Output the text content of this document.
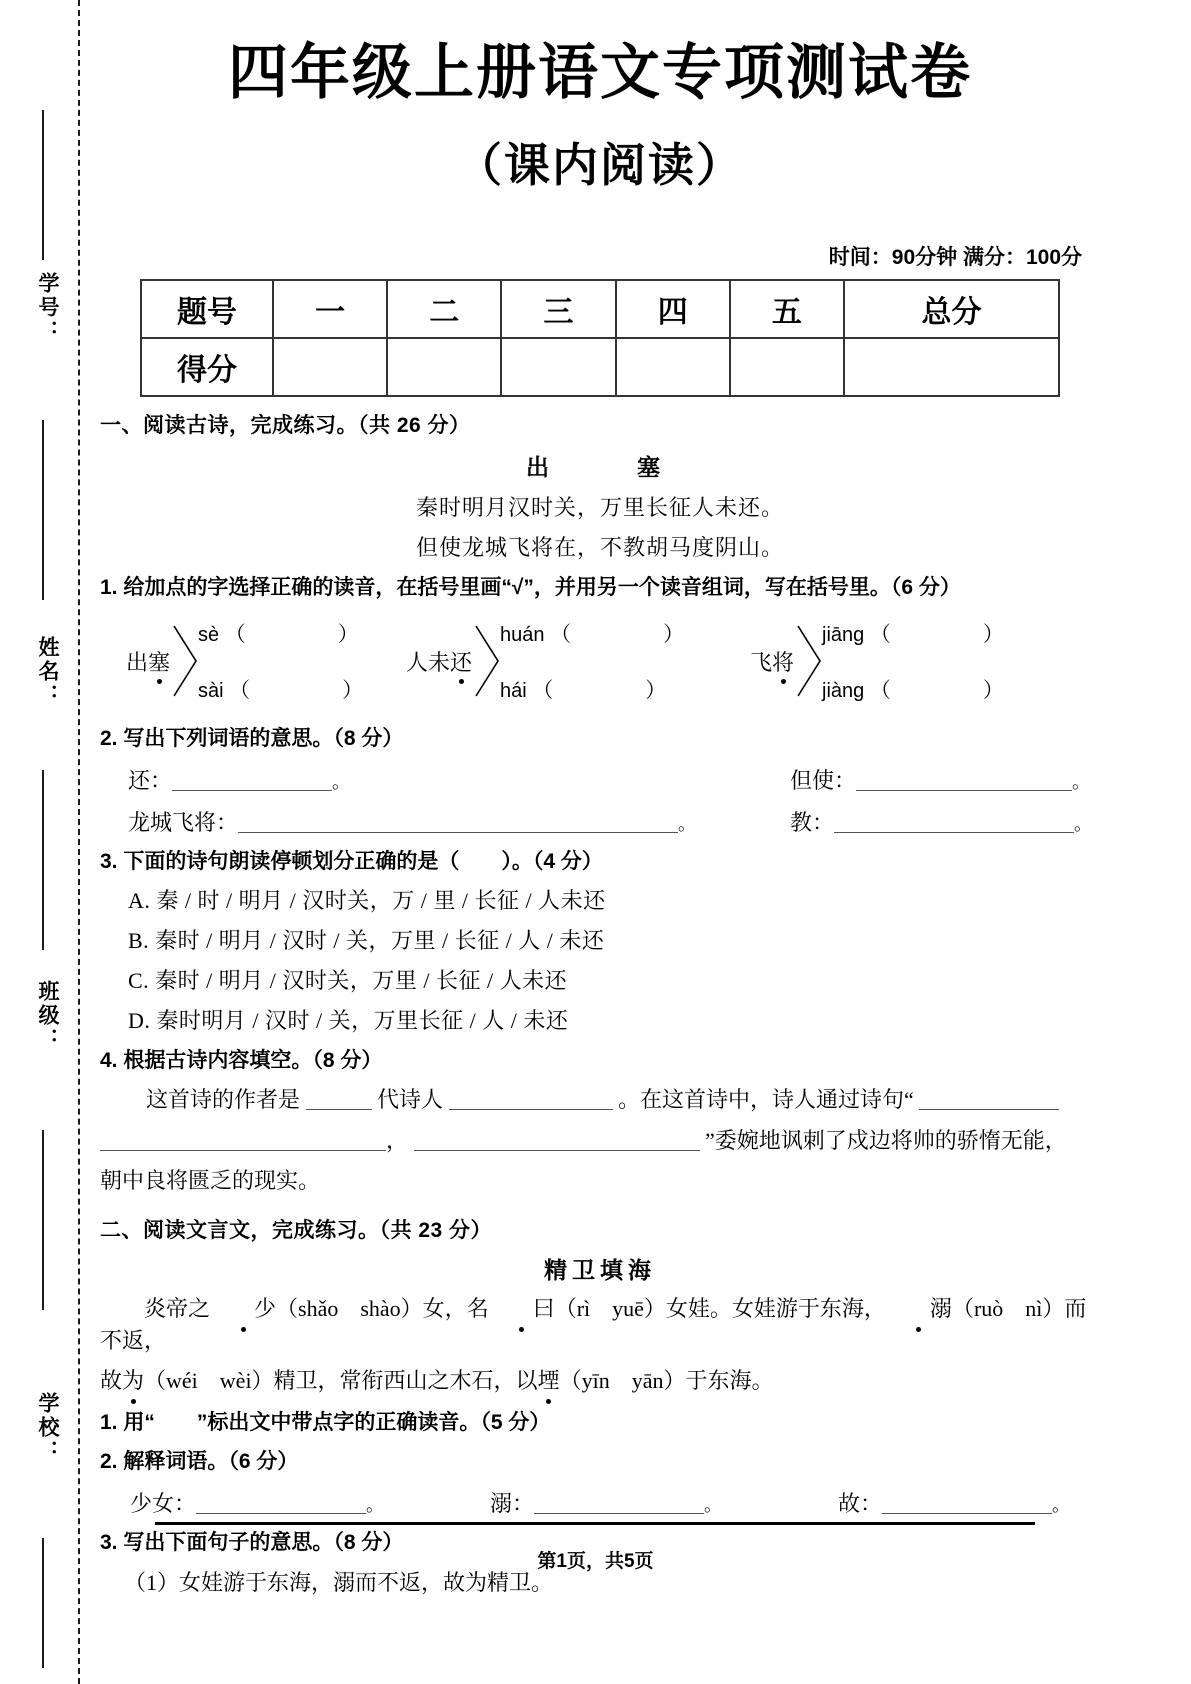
学号：
姓名：
班级：
学校：
四年级上册语文专项测试卷
（课内阅读）
时间：90分钟 满分：100分
题号	一	二	三	四	五	总分
得分						
一、阅读古诗，完成练习。（共 26 分）
出　　塞
秦时明月汉时关，万里长征人未还。
但使龙城飞将在，不教胡马度阴山。
1. 给加点的字选择正确的读音，在括号里画“√”，并用另一个读音组词，写在括号里。（6 分）
出塞
sè （	）
sài （	）
人未还
huán （	）
hái （	）
飞将
jiāng （	）
jiàng （	）
2. 写出下列词语的意思。（8 分）
还：	。	但使：	。
龙城飞将：	。	教：	。
3. 下面的诗句朗读停顿划分正确的是（　　）。（4 分）
A. 秦 / 时 / 明月 / 汉时关，万 / 里 / 长征 / 人未还
B. 秦时 / 明月 / 汉时 / 关，万里 / 长征 / 人 / 未还
C. 秦时 / 明月 / 汉时关，万里 / 长征 / 人未还
D. 秦时明月 / 汉时 / 关，万里长征 / 人 / 未还
4. 根据古诗内容填空。（8 分）
这首诗的作者是	代诗人	。在这首诗中，诗人通过诗句“
，	”委婉地讽刺了戍边将帅的骄惰无能，
朝中良将匮乏的现实。
二、阅读文言文，完成练习。（共 23 分）
精卫填海
炎帝之 少（shǎo　shào）女，名 曰（rì　yuē）女娃。女娃游于东海， 溺（ruò　nì）而不返，
故为（wéi　wèi）精卫，常衔西山之木石，以堙（yīn　yān）于东海。
1. 用“　　”标出文中带点字的正确读音。（5 分）
2. 解释词语。（6 分）
少女：	。	溺：	。	故：	。
3. 写出下面句子的意思。（8 分）
（1）女娃游于东海，溺而不返，故为精卫。
第1页，共5页
